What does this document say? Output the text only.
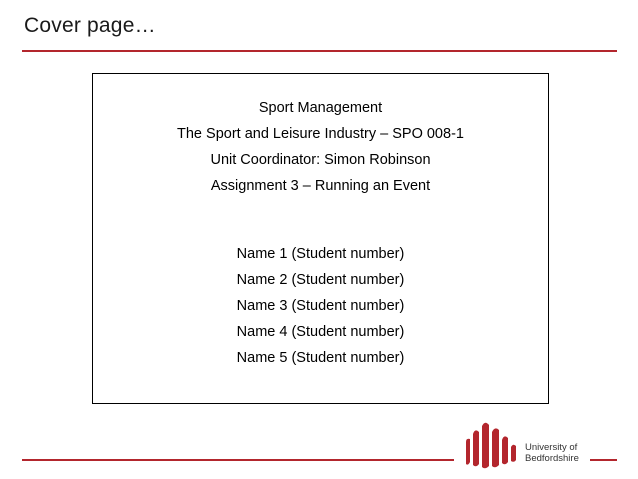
Cover page…
Sport Management
The Sport and Leisure Industry – SPO 008-1
Unit Coordinator: Simon Robinson
Assignment 3 – Running an Event
Name 1 (Student number)
Name 2 (Student number)
Name 3 (Student number)
Name 4 (Student number)
Name 5 (Student number)
University of
Bedfordshire
